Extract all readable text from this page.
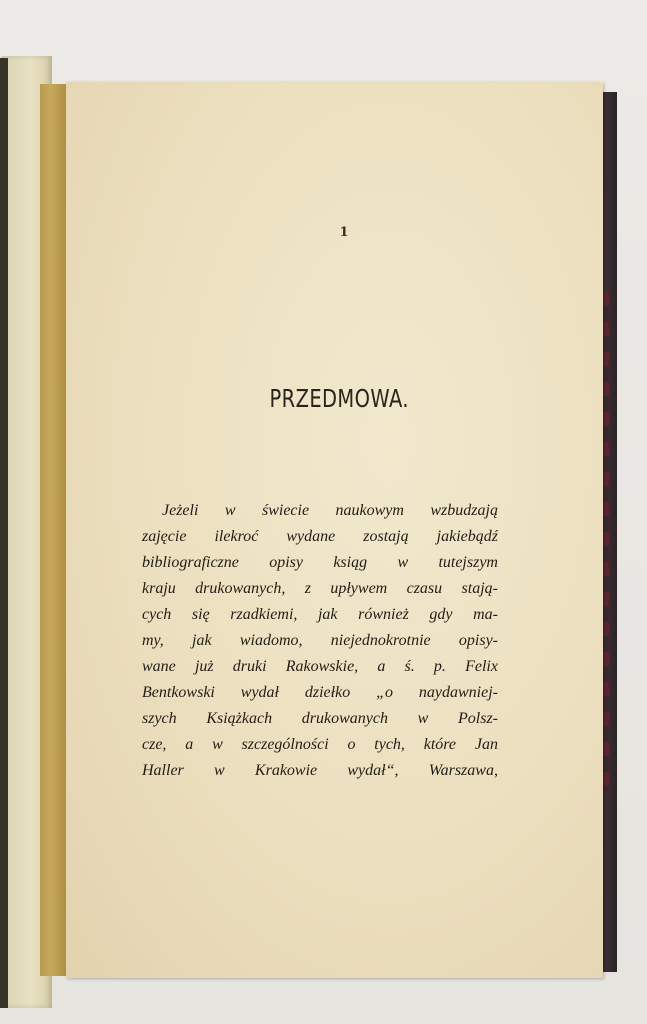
1
PRZEDMOWA.
Jeżeli w świecie naukowym wzbudzają
zajęcie ilekroć wydane zostają jakiebądź
bibliograficzne opisy ksiąg w tutejszym
kraju drukowanych, z upływem czasu stają-
cych się rzadkiemi, jak również gdy ma-
my, jak wiadomo, niejednokrotnie opisy-
wane już druki Rakowskie, a ś. p. Felix
Bentkowski wydał dziełko „o naydawniej-
szych Książkach drukowanych w Polsz-
cze, a w szczególności o tych, które Jan
Haller w Krakowie wydał“, Warszawa,
